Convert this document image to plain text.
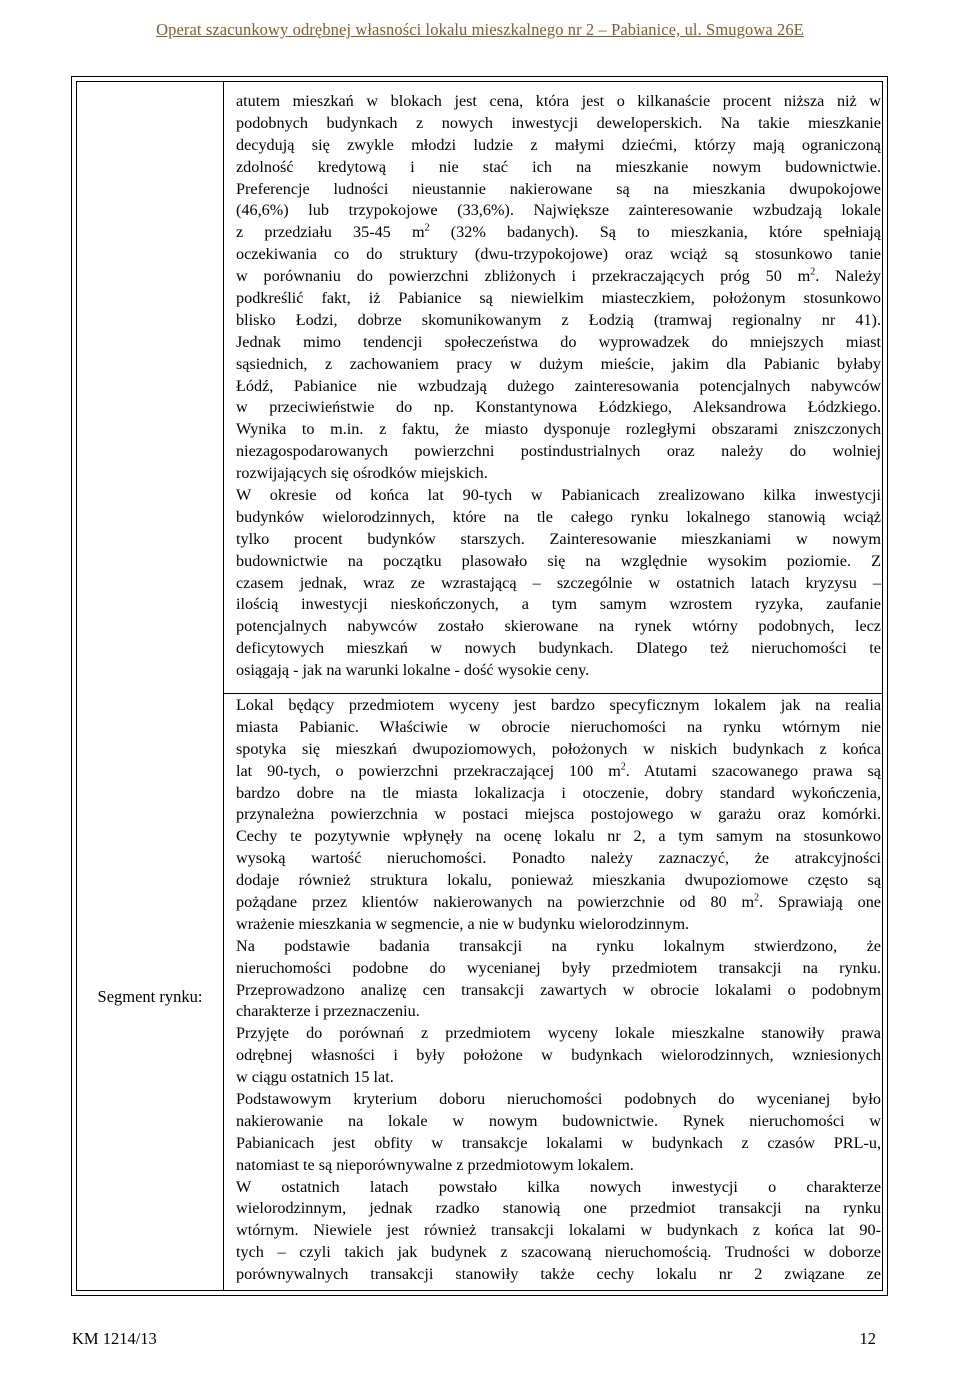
Operat szacunkowy odrębnej własności lokalu mieszkalnego nr 2 – Pabianice, ul. Smugowa 26E
Segment rynku:
atutem mieszkań w blokach jest cena, która jest o kilkanaście procent niższa niż w
podobnych budynkach z nowych inwestycji deweloperskich. Na takie mieszkanie
decydują się zwykle młodzi ludzie z małymi dziećmi, którzy mają ograniczoną
zdolność kredytową i nie stać ich na mieszkanie nowym budownictwie.
Preferencje ludności nieustannie nakierowane są na mieszkania dwupokojowe
(46,6%) lub trzypokojowe (33,6%). Największe zainteresowanie wzbudzają lokale
z przedziału 35-45 $m^2$ (32% badanych). Są to mieszkania, które spełniają
oczekiwania co do struktury (dwu-trzypokojowe) oraz wciąż są stosunkowo tanie
w porównaniu do powierzchni zbliżonych i przekraczających próg 50 $m^2$. Należy
podkreślić fakt, iż Pabianice są niewielkim miasteczkiem, położonym stosunkowo
blisko Łodzi, dobrze skomunikowanym z Łodzią (tramwaj regionalny nr 41).
Jednak mimo tendencji społeczeństwa do wyprowadzek do mniejszych miast
sąsiednich, z zachowaniem pracy w dużym mieście, jakim dla Pabianic byłaby
Łódź, Pabianice nie wzbudzają dużego zainteresowania potencjalnych nabywców
w przeciwieństwie do np. Konstantynowa Łódzkiego, Aleksandrowa Łódzkiego.
Wynika to m.in. z faktu, że miasto dysponuje rozległymi obszarami zniszczonych
niezagospodarowanych powierzchni postindustrialnych oraz należy do wolniej
rozwijających się ośrodków miejskich.
W okresie od końca lat 90-tych w Pabianicach zrealizowano kilka inwestycji
budynków wielorodzinnych, które na tle całego rynku lokalnego stanowią wciąż
tylko procent budynków starszych. Zainteresowanie mieszkaniami w nowym
budownictwie na początku plasowało się na względnie wysokim poziomie. Z
czasem jednak, wraz ze wzrastającą – szczególnie w ostatnich latach kryzysu –
ilością inwestycji nieskończonych, a tym samym wzrostem ryzyka, zaufanie
potencjalnych nabywców zostało skierowane na rynek wtórny podobnych, lecz
deficytowych mieszkań w nowych budynkach. Dlatego też nieruchomości te
osiągają - jak na warunki lokalne - dość wysokie ceny.
Lokal będący przedmiotem wyceny jest bardzo specyficznym lokalem jak na realia
miasta Pabianic. Właściwie w obrocie nieruchomości na rynku wtórnym nie
spotyka się mieszkań dwupoziomowych, położonych w niskich budynkach z końca
lat 90-tych, o powierzchni przekraczającej 100 $m^2$. Atutami szacowanego prawa są
bardzo dobre na tle miasta lokalizacja i otoczenie, dobry standard wykończenia,
przynależna powierzchnia w postaci miejsca postojowego w garażu oraz komórki.
Cechy te pozytywnie wpłynęły na ocenę lokalu nr 2, a tym samym na stosunkowo
wysoką wartość nieruchomości. Ponadto należy zaznaczyć, że atrakcyjności
dodaje również struktura lokalu, ponieważ mieszkania dwupoziomowe często są
pożądane przez klientów nakierowanych na powierzchnie od 80 $m^2$. Sprawiają one
wrażenie mieszkania w segmencie, a nie w budynku wielorodzinnym.
Na podstawie badania transakcji na rynku lokalnym stwierdzono, że
nieruchomości podobne do wycenianej były przedmiotem transakcji na rynku.
Przeprowadzono analizę cen transakcji zawartych w obrocie lokalami o podobnym
charakterze i przeznaczeniu.
Przyjęte do porównań z przedmiotem wyceny lokale mieszkalne stanowiły prawa
odrębnej własności i były położone w budynkach wielorodzinnych, wzniesionych
w ciągu ostatnich 15 lat.
Podstawowym kryterium doboru nieruchomości podobnych do wycenianej było
nakierowanie na lokale w nowym budownictwie. Rynek nieruchomości w
Pabianicach jest obfity w transakcje lokalami w budynkach z czasów PRL-u,
natomiast te są nieporównywalne z przedmiotowym lokalem.
W ostatnich latach powstało kilka nowych inwestycji o charakterze
wielorodzinnym, jednak rzadko stanowią one przedmiot transakcji na rynku
wtórnym. Niewiele jest również transakcji lokalami w budynkach z końca lat 90-
tych – czyli takich jak budynek z szacowaną nieruchomością. Trudności w doborze
porównywalnych transakcji stanowiły także cechy lokalu nr 2 związane ze
KM 1214/13	12
